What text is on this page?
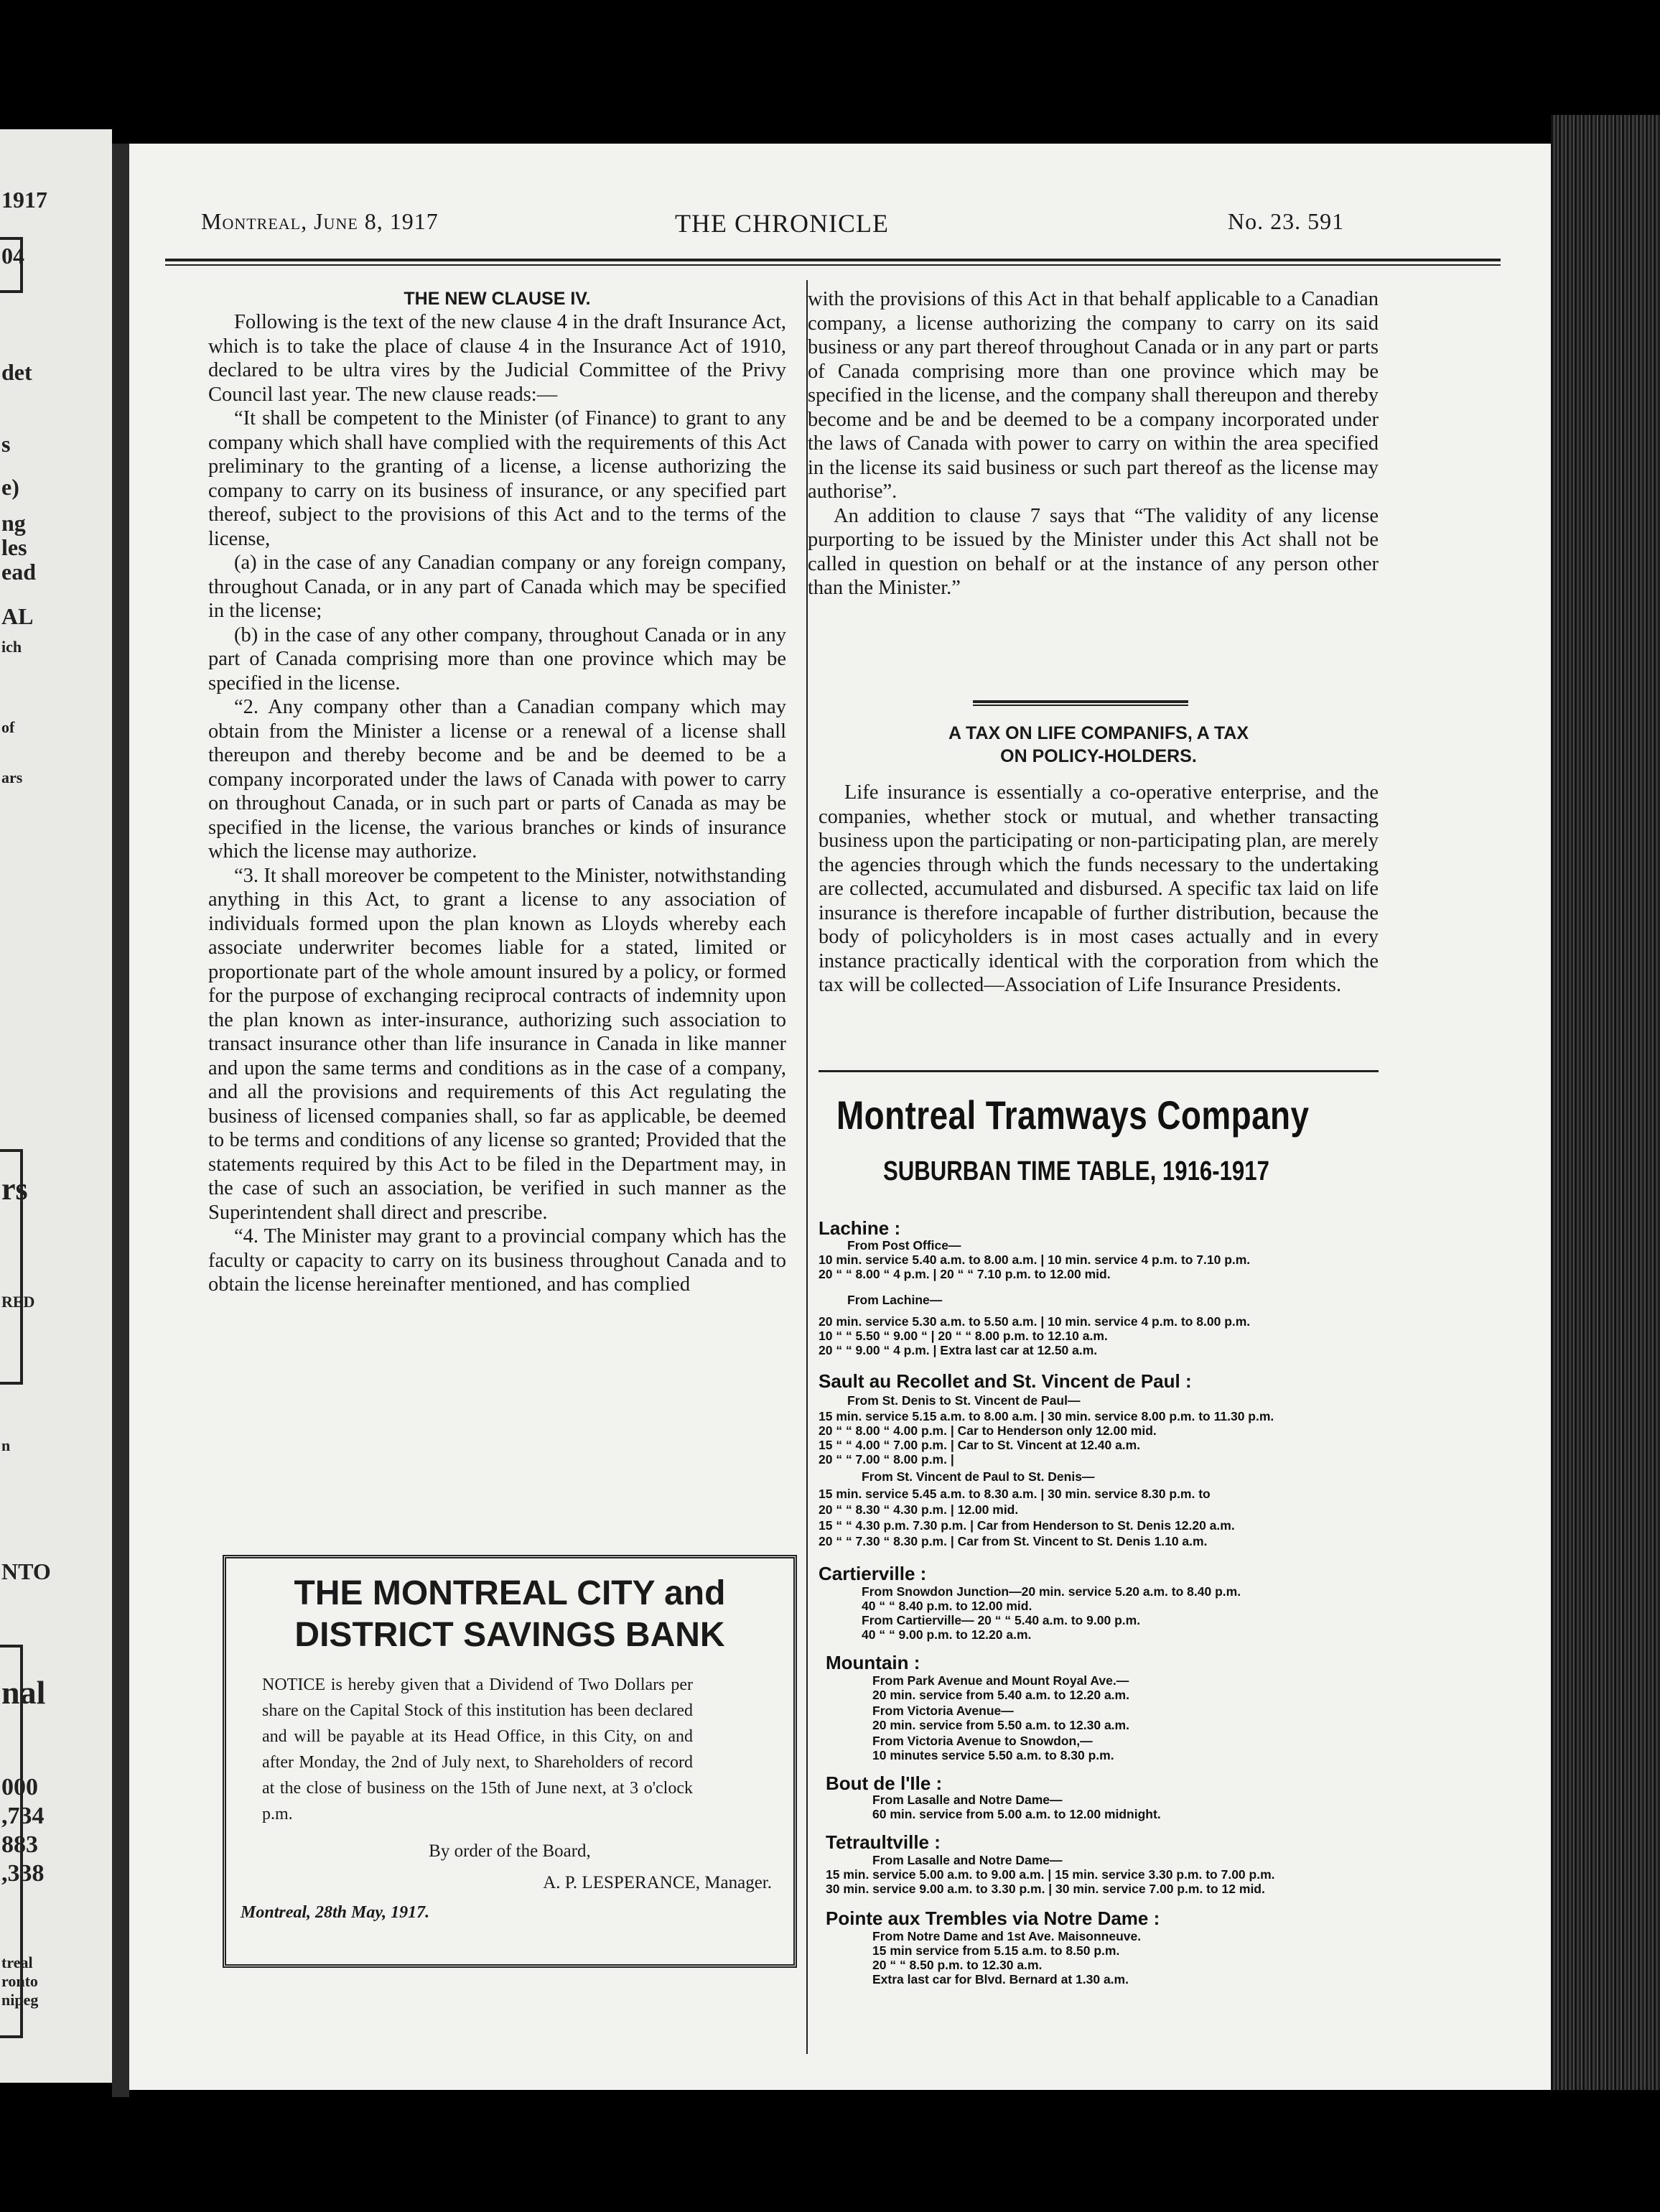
1917
04
det
s
e)
ng
les
ead
AL
ich
of
ars
rs
RED
n
NTO
nal
000
,734
883
,338
treal
ronto
nipeg
Montreal, June 8, 1917	THE CHRONICLE	No. 23. 591
THE NEW CLAUSE IV.

Following is the text of the new clause 4 in the draft Insurance Act, which is to take the place of clause 4 in the Insurance Act of 1910, declared to be ultra vires by the Judicial Committee of the Privy Council last year. The new clause reads:—

“It shall be competent to the Minister (of Finance) to grant to any company which shall have complied with the requirements of this Act preliminary to the granting of a license, a license authorizing the company to carry on its business of insurance, or any specified part thereof, subject to the provisions of this Act and to the terms of the license,

(a) in the case of any Canadian company or any foreign company, throughout Canada, or in any part of Canada which may be specified in the license;

(b) in the case of any other company, throughout Canada or in any part of Canada comprising more than one province which may be specified in the license.

“2. Any company other than a Canadian company which may obtain from the Minister a license or a renewal of a license shall thereupon and thereby become and be and be deemed to be a company incorporated under the laws of Canada with power to carry on throughout Canada, or in such part or parts of Canada as may be specified in the license, the various branches or kinds of insurance which the license may authorize.

“3. It shall moreover be competent to the Minister, notwithstanding anything in this Act, to grant a license to any association of individuals formed upon the plan known as Lloyds whereby each associate underwriter becomes liable for a stated, limited or proportionate part of the whole amount insured by a policy, or formed for the purpose of exchanging reciprocal contracts of indemnity upon the plan known as inter-insurance, authorizing such association to transact insurance other than life insurance in Canada in like manner and upon the same terms and conditions as in the case of a company, and all the provisions and requirements of this Act regulating the business of licensed companies shall, so far as applicable, be deemed to be terms and conditions of any license so granted; Provided that the statements required by this Act to be filed in the Department may, in the case of such an association, be verified in such manner as the Superintendent shall direct and prescribe.

“4. The Minister may grant to a provincial company which has the faculty or capacity to carry on its business throughout Canada and to obtain the license hereinafter mentioned, and has complied

THE MONTREAL CITY and
DISTRICT SAVINGS BANK
NOTICE is hereby given that a Dividend of Two Dollars per share on the Capital Stock of this institution has been declared and will be payable at its Head Office, in this City, on and after Monday, the 2nd of July next, to Shareholders of record at the close of business on the 15th of June next, at 3 o'clock p.m.
By order of the Board,
A. P. LESPERANCE, Manager.
Montreal, 28th May, 1917.

with the provisions of this Act in that behalf applicable to a Canadian company, a license authorizing the company to carry on its said business or any part thereof throughout Canada or in any part or parts of Canada comprising more than one province which may be specified in the license, and the company shall thereupon and thereby become and be and be deemed to be a company incorporated under the laws of Canada with power to carry on within the area specified in the license its said business or such part thereof as the license may authorise”.

An addition to clause 7 says that “The validity of any license purporting to be issued by the Minister under this Act shall not be called in question on behalf or at the instance of any person other than the Minister.”

A TAX ON LIFE COMPANIFS, A TAX
ON POLICY-HOLDERS.

Life insurance is essentially a co-operative enterprise, and the companies, whether stock or mutual, and whether transacting business upon the participating or non-participating plan, are merely the agencies through which the funds necessary to the undertaking are collected, accumulated and disbursed. A specific tax laid on life insurance is therefore incapable of further distribution, because the body of policyholders is in most cases actually and in every instance practically identical with the corporation from which the tax will be collected—Association of Life Insurance Presidents.

Montreal Tramways Company
SUBURBAN TIME TABLE, 1916-1917
Lachine :
From Post Office—
10 min. service 5.40 a.m. to 8.00 a.m. | 10 min. service 4 p.m. to 7.10 p.m.
20 “ “ 8.00 “ 4 p.m. | 20 “ “ 7.10 p.m. to 12.00 mid.
From Lachine—
20 min. service 5.30 a.m. to 5.50 a.m. | 10 min. service 4 p.m. to 8.00 p.m.
10 “ “ 5.50 “ 9.00 “ | 20 “ “ 8.00 p.m. to 12.10 a.m.
20 “ “ 9.00 “ 4 p.m. | Extra last car at 12.50 a.m.
Sault au Recollet and St. Vincent de Paul :
From St. Denis to St. Vincent de Paul—
15 min. service 5.15 a.m. to 8.00 a.m. | 30 min. service 8.00 p.m. to 11.30 p.m.
20 “ “ 8.00 “ 4.00 p.m. | Car to Henderson only 12.00 mid.
15 “ “ 4.00 “ 7.00 p.m. | Car to St. Vincent at 12.40 a.m.
20 “ “ 7.00 “ 8.00 p.m. |
From St. Vincent de Paul to St. Denis—
15 min. service 5.45 a.m. to 8.30 a.m. | 30 min. service 8.30 p.m. to
20 “ “ 8.30 “ 4.30 p.m. | 12.00 mid.
15 “ “ 4.30 p.m. 7.30 p.m. | Car from Henderson to St. Denis 12.20 a.m.
20 “ “ 7.30 “ 8.30 p.m. | Car from St. Vincent to St. Denis 1.10 a.m.
Cartierville :
From Snowdon Junction—20 min. service 5.20 a.m. to 8.40 p.m.
40 “ “ 8.40 p.m. to 12.00 mid.
From Cartierville— 20 “ “ 5.40 a.m. to 9.00 p.m.
40 “ “ 9.00 p.m. to 12.20 a.m.
Mountain :
From Park Avenue and Mount Royal Ave.—
20 min. service from 5.40 a.m. to 12.20 a.m.
From Victoria Avenue—
20 min. service from 5.50 a.m. to 12.30 a.m.
From Victoria Avenue to Snowdon,—
10 minutes service 5.50 a.m. to 8.30 p.m.
Bout de l'Ile :
From Lasalle and Notre Dame—
60 min. service from 5.00 a.m. to 12.00 midnight.
Tetraultville :
From Lasalle and Notre Dame—
15 min. service 5.00 a.m. to 9.00 a.m. | 15 min. service 3.30 p.m. to 7.00 p.m.
30 min. service 9.00 a.m. to 3.30 p.m. | 30 min. service 7.00 p.m. to 12 mid.
Pointe aux Trembles via Notre Dame :
From Notre Dame and 1st Ave. Maisonneuve.
15 min service from 5.15 a.m. to 8.50 p.m.
20 “ “ 8.50 p.m. to 12.30 a.m.
Extra last car for Blvd. Bernard at 1.30 a.m.
